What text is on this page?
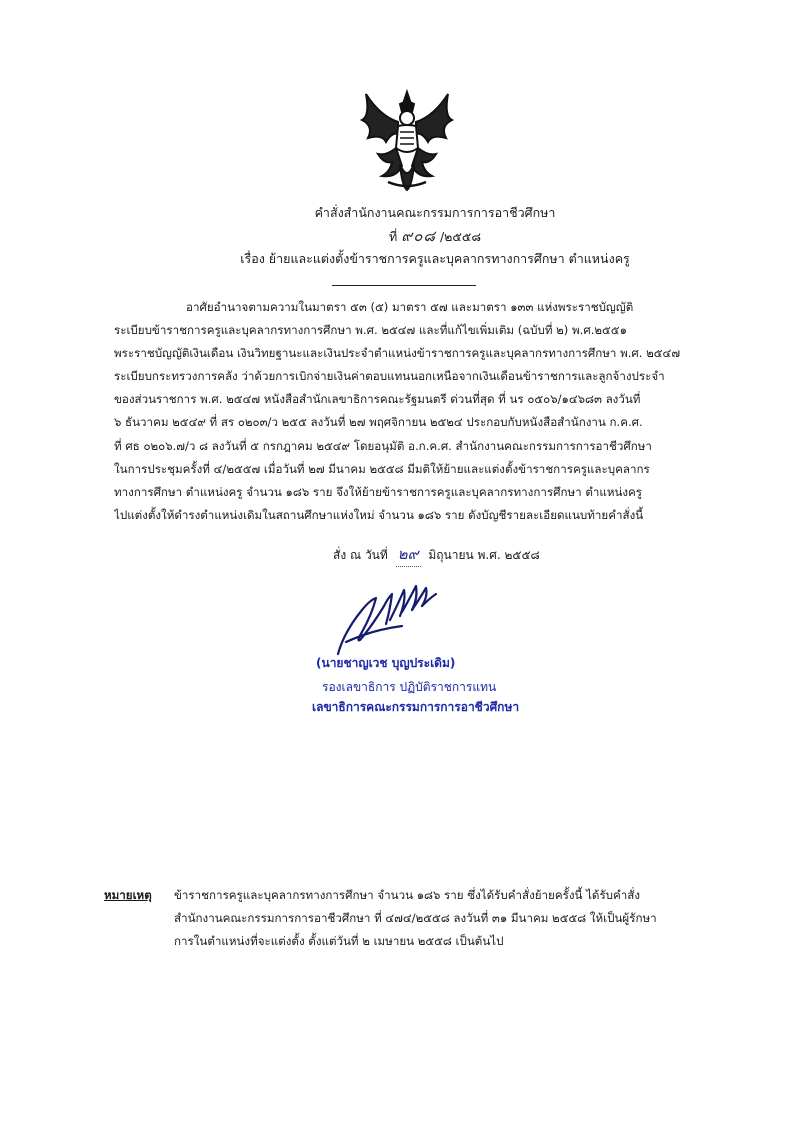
คำสั่งสำนักงานคณะกรรมการการอาชีวศึกษา
ที่ ๙๐๘ /๒๕๕๘
เรื่อง ย้ายและแต่งตั้งข้าราชการครูและบุคลากรทางการศึกษา ตำแหน่งครู
อาศัยอำนาจตามความในมาตรา ๕๓ (๕) มาตรา ๕๗ และมาตรา ๑๓๓ แห่งพระราชบัญญัติ
ระเบียบข้าราชการครูและบุคลากรทางการศึกษา พ.ศ. ๒๕๔๗ และที่แก้ไขเพิ่มเติม (ฉบับที่ ๒) พ.ศ.๒๕๕๑
พระราชบัญญัติเงินเดือน เงินวิทยฐานะและเงินประจำตำแหน่งข้าราชการครูและบุคลากรทางการศึกษา พ.ศ. ๒๕๔๗
ระเบียบกระทรวงการคลัง ว่าด้วยการเบิกจ่ายเงินค่าตอบแทนนอกเหนือจากเงินเดือนข้าราชการและลูกจ้างประจำ
ของส่วนราชการ พ.ศ. ๒๕๔๗ หนังสือสำนักเลขาธิการคณะรัฐมนตรี ด่วนที่สุด ที่ นร ๐๕๐๖/๑๔๖๘๓ ลงวันที่
๖ ธันวาคม ๒๕๔๙ ที่ สร ๐๒๐๓/ว ๒๕๕ ลงวันที่ ๒๗ พฤศจิกายน ๒๕๒๔ ประกอบกับหนังสือสำนักงาน ก.ค.ศ.
ที่ ศธ ๐๒๐๖.๗/ว ๘ ลงวันที่ ๕ กรกฎาคม ๒๕๔๙ โดยอนุมัติ อ.ก.ค.ศ. สำนักงานคณะกรรมการการอาชีวศึกษา
ในการประชุมครั้งที่ ๔/๒๕๕๗ เมื่อวันที่ ๒๗ มีนาคม ๒๕๕๘ มีมติให้ย้ายและแต่งตั้งข้าราชการครูและบุคลากร
ทางการศึกษา ตำแหน่งครู จำนวน ๑๘๖ ราย จึงให้ย้ายข้าราชการครูและบุคลากรทางการศึกษา ตำแหน่งครู
ไปแต่งตั้งให้ดำรงตำแหน่งเดิมในสถานศึกษาแห่งใหม่ จำนวน ๑๘๖ ราย ดังบัญชีรายละเอียดแนบท้ายคำสั่งนี้
สั่ง ณ วันที่ ๒๙ มิถุนายน พ.ศ. ๒๕๕๘
(นายชาญเวช บุญประเดิม)
รองเลขาธิการ ปฏิบัติราชการแทน
เลขาธิการคณะกรรมการการอาชีวศึกษา
หมายเหตุ ข้าราชการครูและบุคลากรทางการศึกษา จำนวน ๑๘๖ ราย ซึ่งได้รับคำสั่งย้ายครั้งนี้ ได้รับคำสั่ง
สำนักงานคณะกรรมการการอาชีวศึกษา ที่ ๔๗๔/๒๕๕๘ ลงวันที่ ๓๑ มีนาคม ๒๕๕๘ ให้เป็นผู้รักษา
การในตำแหน่งที่จะแต่งตั้ง ตั้งแต่วันที่ ๒ เมษายน ๒๕๕๘ เป็นต้นไป
